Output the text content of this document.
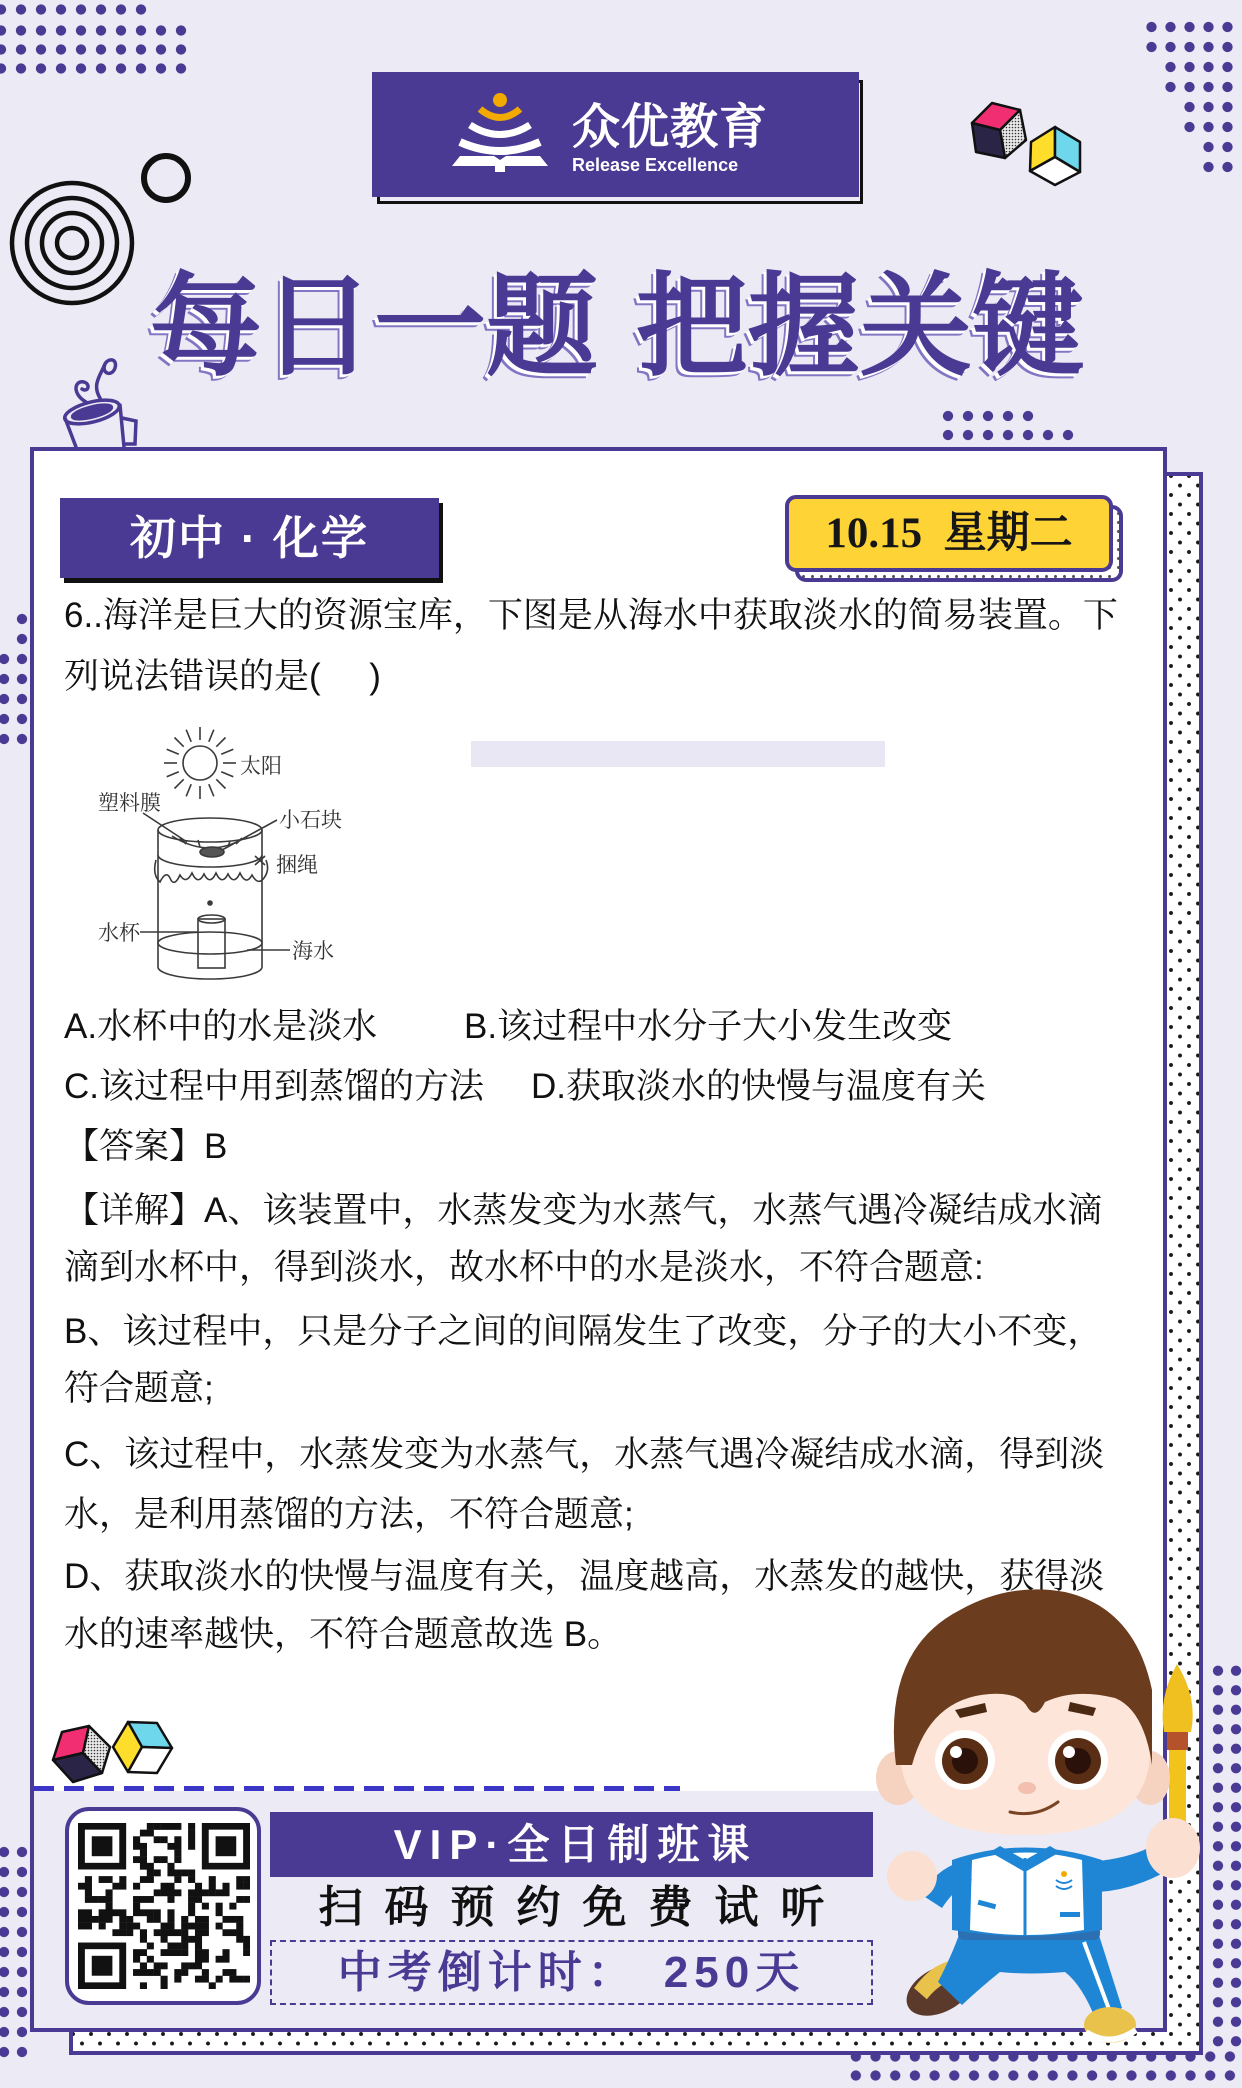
众优教育
Release Excellence
每日一题 把握关键
初中 · 化学	10.15  星期二
6..海洋是巨大的资源宝库，下图是从海水中获取淡水的简易装置。下
列说法错误的是(     )
太阳
塑料膜
小石块
捆绳
水杯
海水
A.水杯中的水是淡水 B.该过程中水分子大小发生改变
C.该过程中用到蒸馏的方法 D.获取淡水的快慢与温度有关
【答案】B
【详解】A、该装置中，水蒸发变为水蒸气，水蒸气遇冷凝结成水滴
滴到水杯中，得到淡水，故水杯中的水是淡水，不符合题意:
B、该过程中，只是分子之间的间隔发生了改变，分子的大小不变，
符合题意;
C、该过程中，水蒸发变为水蒸气，水蒸气遇冷凝结成水滴，得到淡
水，是利用蒸馏的方法，不符合题意;
D、获取淡水的快慢与温度有关，温度越高，水蒸发的越快，获得淡
水的速率越快，不符合题意故选 B。
VIP·全日制班课
扫码预约免费试听
中考倒计时： 250天
